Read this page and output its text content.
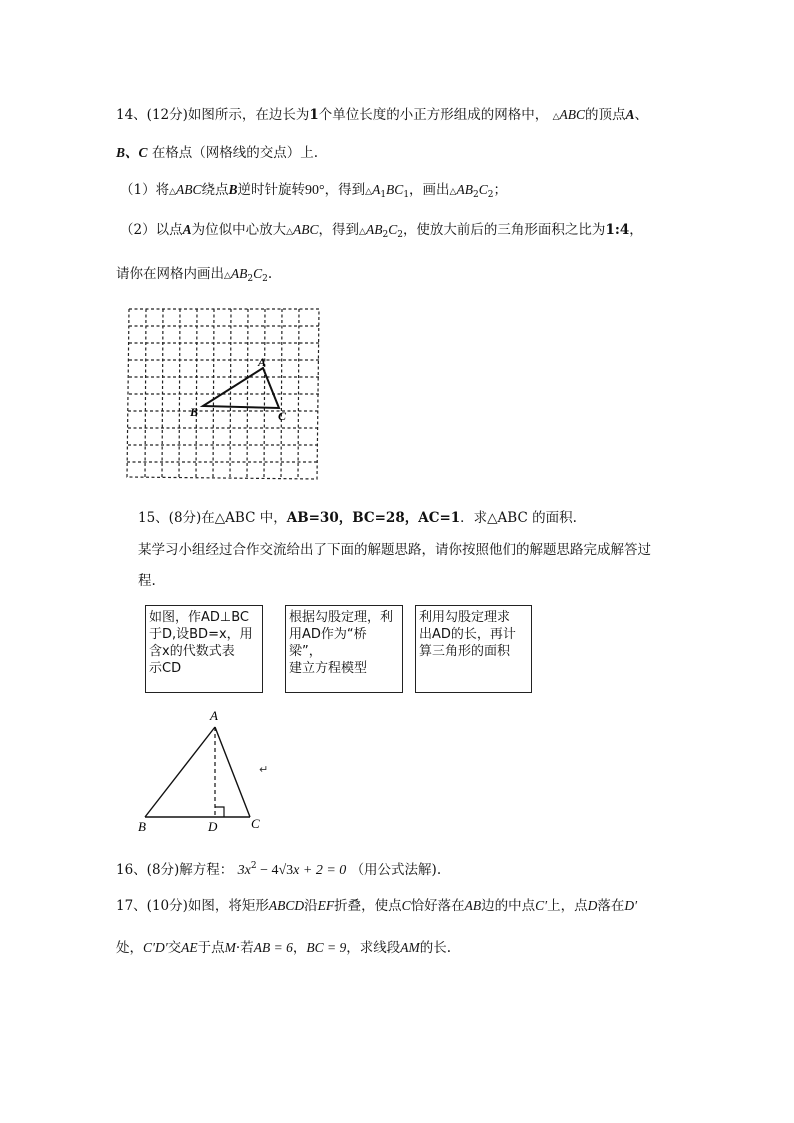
14、(12分)如图所示，在边长为1个单位长度的小正方形组成的网格中， △ABC的顶点A、
B、C 在格点（网格线的交点）上.
（1）将△ABC绕点B逆时针旋转90°，得到$\triangle A_1BC_1$，画出$\triangle AB_2C_2$；
（2）以点A为位似中心放大△ABC，得到$\triangle AB_2C_2$，使放大前后的三角形面积之比为1:4，
请你在网格内画出$\triangle AB_2C_2$.
A
B	C
15、(8分)在△ABC 中，AB=30，BC=28，AC=1．求△ABC 的面积.
某学习小组经过合作交流给出了下面的解题思路，请你按照他们的解题思路完成解答过
程.
如图，作AD⊥BC
于D,设BD=x，用
含x的代数式表
示CD
根据勾股定理，利
用AD作为“桥梁”，
建立方程模型
利用勾股定理求
出AD的长，再计
算三角形的面积
A
B	D	C
↵
16、(8分)解方程： $3x^2 - 4√3x + 2 = 0$ （用公式法解).
17、(10分)如图，将矩形ABCD沿EF折叠，使点C恰好落在AB边的中点C′上，点D落在D′
处，C′D′交AE于点M·若AB = 6，BC = 9，求线段AM的长.
